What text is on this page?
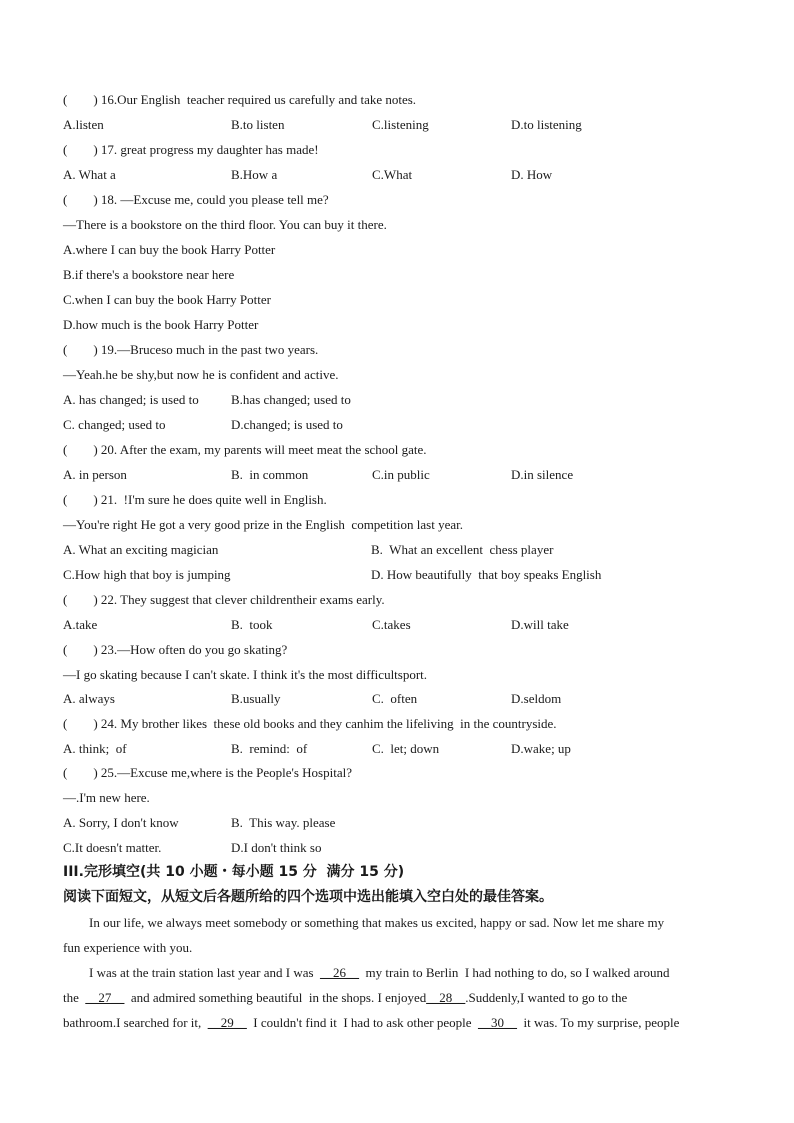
(　　) 16.Our English  teacher required us carefully and take notes.
A.listen	B.to listen	C.listening	D.to listening
(　　) 17. great progress my daughter has made!
A. What a	B.How a	C.What	D. How
(　　) 18. —Excuse me, could you please tell me?
—There is a bookstore on the third floor. You can buy it there.
A.where I can buy the book Harry Potter
B.if there's a bookstore near here
C.when I can buy the book Harry Potter
D.how much is the book Harry Potter
(　　) 19.—Bruceso much in the past two years.
—Yeah.he be shy,but now he is confident and active.
A. has changed; is used to B.has changed; used to
C. changed; used to	D.changed; is used to
(　　) 20. After the exam, my parents will meet meat the school gate.
A. in person	B.  in common	C.in public	D.in silence
(　　) 21.  !I'm sure he does quite well in English.
—You're right He got a very good prize in the English  competition last year.
A. What an exciting magician	B.  What an excellent  chess player
C.How high that boy is jumping	D. How beautifully  that boy speaks English
(　　) 22. They suggest that clever childrentheir exams early.
A.take	B.  took	C.takes	D.will take
(　　) 23.—How often do you go skating?
—I go skating because I can't skate. I think it's the most difficultsport.
A. always	B.usually	C.  often	D.seldom
(　　) 24. My brother likes  these old books and they canhim the lifeliving  in the countryside.
A. think;  of	B.  remind:  of	C.  let; down	D.wake; up
(　　) 25.—Excuse me,where is the People's Hospital?
—.I'm new here.
A. Sorry, I don't know	B.  This way. please
C.It doesn't matter.	D.I don't think so
III.完形填空(共 10 小题・每小题 15 分  满分 15 分)
阅读下面短文，从短文后各题所给的四个选项中选出能填入空白处的最佳答案。
In our life, we always meet somebody or something that makes us excited, happy or sad. Now let me share my
fun experience with you.
I was at the train station last year and I was  __26__  my train to Berlin  I had nothing to do, so I walked around
the  __27__  and admired something beautiful  in the shops. I enjoyed__28__.Suddenly,I wanted to go to the
bathroom.I searched for it,  __29__  I couldn't find it  I had to ask other people  __30__  it was. To my surprise, people
